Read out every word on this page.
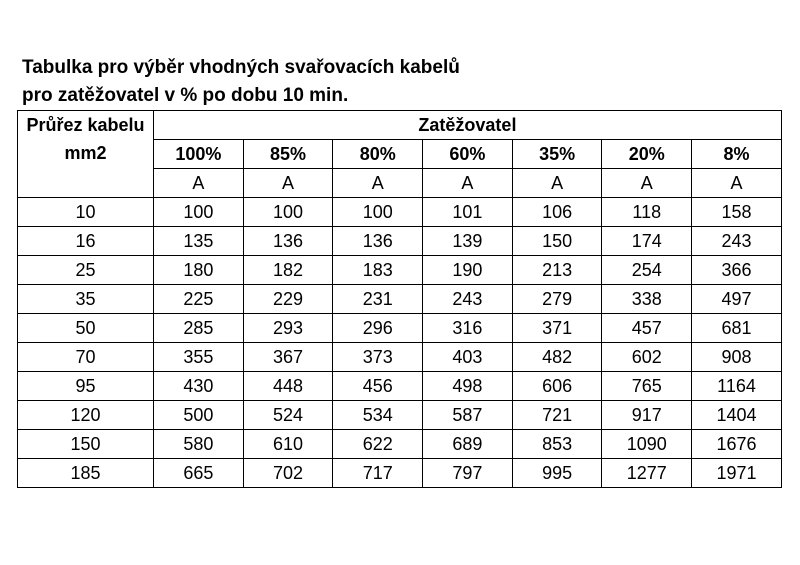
Tabulka pro výběr vhodných svařovacích kabelů
pro zatěžovatel v % po dobu 10 min.
Průřez kabelu
mm2	Zatěžovatel						
	100%	85%	80%	60%	35%	20%	8%
	A	A	A	A	A	A	A
10	100	100	100	101	106	118	158
16	135	136	136	139	150	174	243
25	180	182	183	190	213	254	366
35	225	229	231	243	279	338	497
50	285	293	296	316	371	457	681
70	355	367	373	403	482	602	908
95	430	448	456	498	606	765	1164
120	500	524	534	587	721	917	1404
150	580	610	622	689	853	1090	1676
185	665	702	717	797	995	1277	1971
